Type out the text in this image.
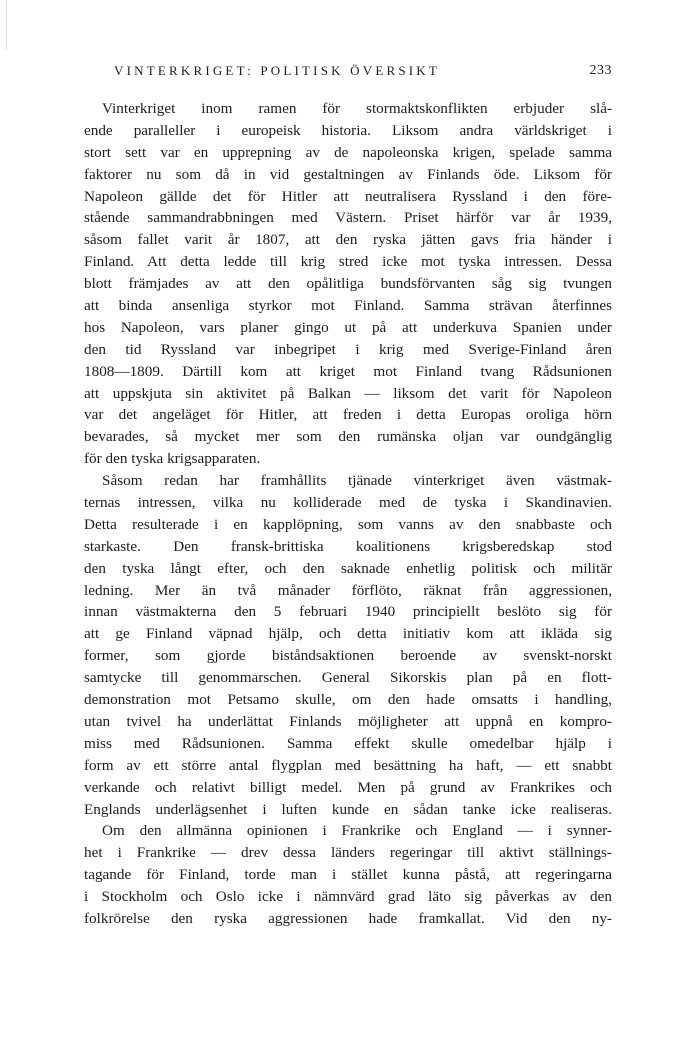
VINTERKRIGET: POLITISK ÖVERSIKT	233
Vinterkriget inom ramen för stormaktskonflikten erbjuder slå-
ende paralleller i europeisk historia. Liksom andra världskriget i
stort sett var en upprepning av de napoleonska krigen, spelade samma
faktorer nu som då in vid gestaltningen av Finlands öde. Liksom för
Napoleon gällde det för Hitler att neutralisera Ryssland i den före-
stående sammandrabbningen med Västern. Priset härför var år 1939,
såsom fallet varit år 1807, att den ryska jätten gavs fria händer i
Finland. Att detta ledde till krig stred icke mot tyska intressen. Dessa
blott främjades av att den opålitliga bundsförvanten såg sig tvungen
att binda ansenliga styrkor mot Finland. Samma strävan återfinnes
hos Napoleon, vars planer gingo ut på att underkuva Spanien under
den tid Ryssland var inbegripet i krig med Sverige-Finland åren
1808—1809. Därtill kom att kriget mot Finland tvang Rådsunionen
att uppskjuta sin aktivitet på Balkan — liksom det varit för Napoleon
var det angeläget för Hitler, att freden i detta Europas oroliga hörn
bevarades, så mycket mer som den rumänska oljan var oundgänglig
för den tyska krigsapparaten.
Såsom redan har framhållits tjänade vinterkriget även västmak-
ternas intressen, vilka nu kolliderade med de tyska i Skandinavien.
Detta resulterade i en kapplöpning, som vanns av den snabbaste och
starkaste. Den fransk-brittiska koalitionens krigsberedskap stod
den tyska långt efter, och den saknade enhetlig politisk och militär
ledning. Mer än två månader förflöto, räknat från aggressionen,
innan västmakterna den 5 februari 1940 principiellt beslöto sig för
att ge Finland väpnad hjälp, och detta initiativ kom att ikläda sig
former, som gjorde biståndsaktionen beroende av svenskt-norskt
samtycke till genommarschen. General Sikorskis plan på en flott-
demonstration mot Petsamo skulle, om den hade omsatts i handling,
utan tvivel ha underlättat Finlands möjligheter att uppnå en kompro-
miss med Rådsunionen. Samma effekt skulle omedelbar hjälp i
form av ett större antal flygplan med besättning ha haft, — ett snabbt
verkande och relativt billigt medel. Men på grund av Frankrikes och
Englands underlägsenhet i luften kunde en sådan tanke icke realiseras.
Om den allmänna opinionen i Frankrike och England — i synner-
het i Frankrike — drev dessa länders regeringar till aktivt ställnings-
tagande för Finland, torde man i stället kunna påstå, att regeringarna
i Stockholm och Oslo icke i nämnvärd grad läto sig påverkas av den
folkrörelse den ryska aggressionen hade framkallat. Vid den ny-
